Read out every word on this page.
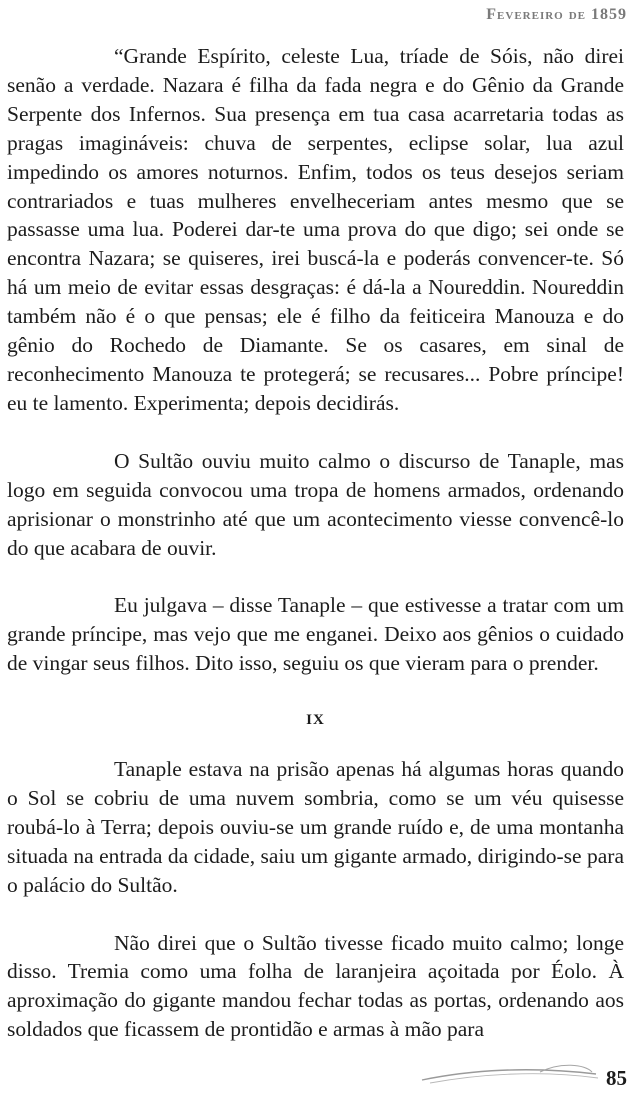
Fevereiro de 1859

“Grande Espírito, celeste Lua, tríade de Sóis, não direi senão a verdade. Nazara é filha da fada negra e do Gênio da Grande Serpente dos Infernos. Sua presença em tua casa acarretaria todas as pragas imagináveis: chuva de serpentes, eclipse solar, lua azul impedindo os amores noturnos. Enfim, todos os teus desejos seriam contrariados e tuas mulheres envelheceriam antes mesmo que se passasse uma lua. Poderei dar-te uma prova do que digo; sei onde se encontra Nazara; se quiseres, irei buscá-la e poderás convencer-te. Só há um meio de evitar essas desgraças: é dá-la a Noureddin. Noureddin também não é o que pensas; ele é filho da feiticeira Manouza e do gênio do Rochedo de Diamante. Se os casares, em sinal de reconhecimento Manouza te protegerá; se recusares... Pobre príncipe! eu te lamento. Experimenta; depois decidirás.

O Sultão ouviu muito calmo o discurso de Tanaple, mas logo em seguida convocou uma tropa de homens armados, ordenando aprisionar o monstrinho até que um acontecimento viesse convencê-lo do que acabara de ouvir.

Eu julgava – disse Tanaple – que estivesse a tratar com um grande príncipe, mas vejo que me enganei. Deixo aos gênios o cuidado de vingar seus filhos. Dito isso, seguiu os que vieram para o prender.

IX

Tanaple estava na prisão apenas há algumas horas quando o Sol se cobriu de uma nuvem sombria, como se um véu quisesse roubá-lo à Terra; depois ouviu-se um grande ruído e, de uma montanha situada na entrada da cidade, saiu um gigante armado, dirigindo-se para o palácio do Sultão.

Não direi que o Sultão tivesse ficado muito calmo; longe disso. Tremia como uma folha de laranjeira açoitada por Éolo. À aproximação do gigante mandou fechar todas as portas, ordenando aos soldados que ficassem de prontidão e armas à mão para

85
